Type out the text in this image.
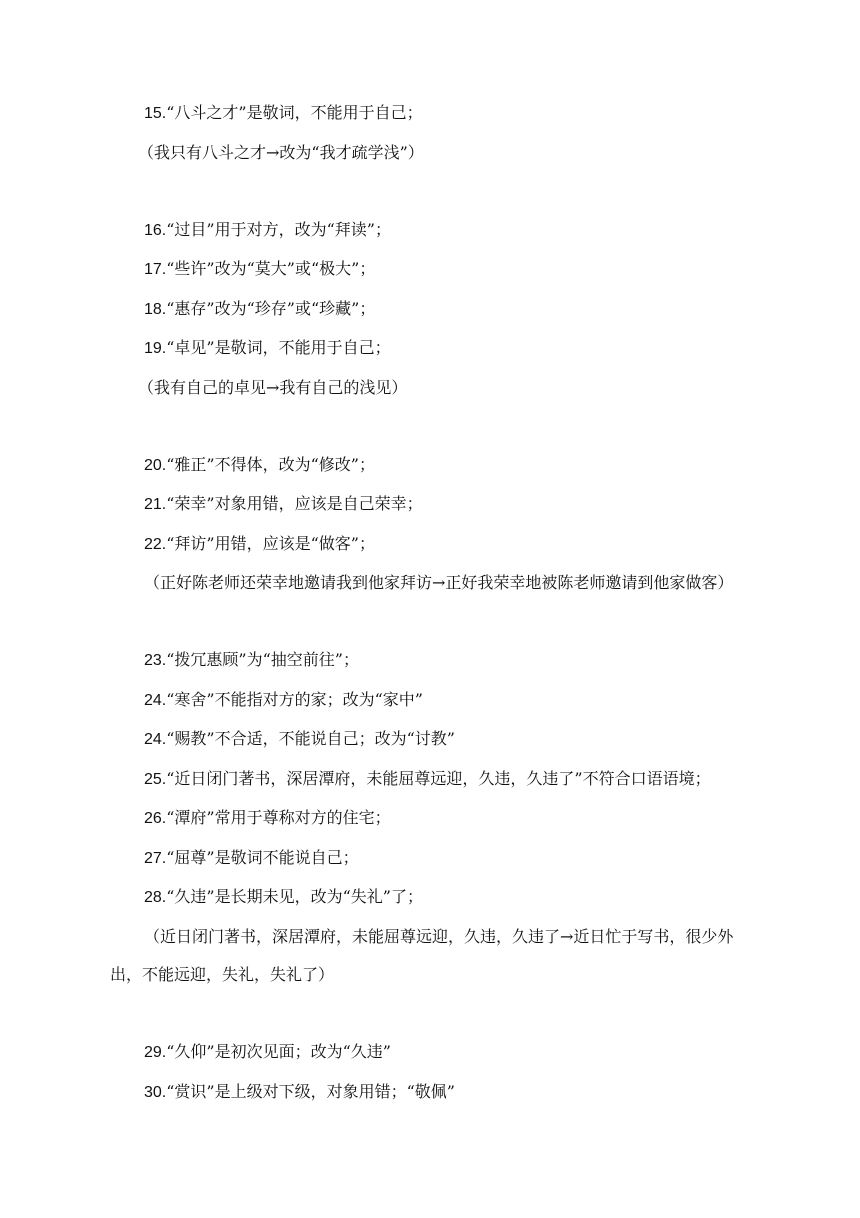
15.“八斗之才”是敬词，不能用于自己；
（我只有八斗之才→改为“我才疏学浅”）
16.“过目”用于对方，改为“拜读”；
17.“些许”改为“莫大”或“极大”；
18.“惠存”改为“珍存”或“珍藏”；
19.“卓见”是敬词，不能用于自己；
（我有自己的卓见→我有自己的浅见）
20.“雅正”不得体，改为“修改”；
21.“荣幸”对象用错，应该是自己荣幸；
22.“拜访”用错，应该是“做客”；
（正好陈老师还荣幸地邀请我到他家拜访→正好我荣幸地被陈老师邀请到他家做客）
23.“拨冗惠顾”为“抽空前往”；
24.“寒舍”不能指对方的家；改为“家中”
24.“赐教”不合适，不能说自己；改为“讨教”
25.“近日闭门著书，深居潭府，未能屈尊远迎，久违，久违了”不符合口语语境；
26.“潭府”常用于尊称对方的住宅；
27.“屈尊”是敬词不能说自己；
28.“久违”是长期未见，改为“失礼”了；
（近日闭门著书，深居潭府，未能屈尊远迎，久违，久违了→近日忙于写书，很少外出，不能远迎，失礼，失礼了）
29.“久仰”是初次见面；改为“久违”
30.“赏识”是上级对下级，对象用错；“敬佩”
